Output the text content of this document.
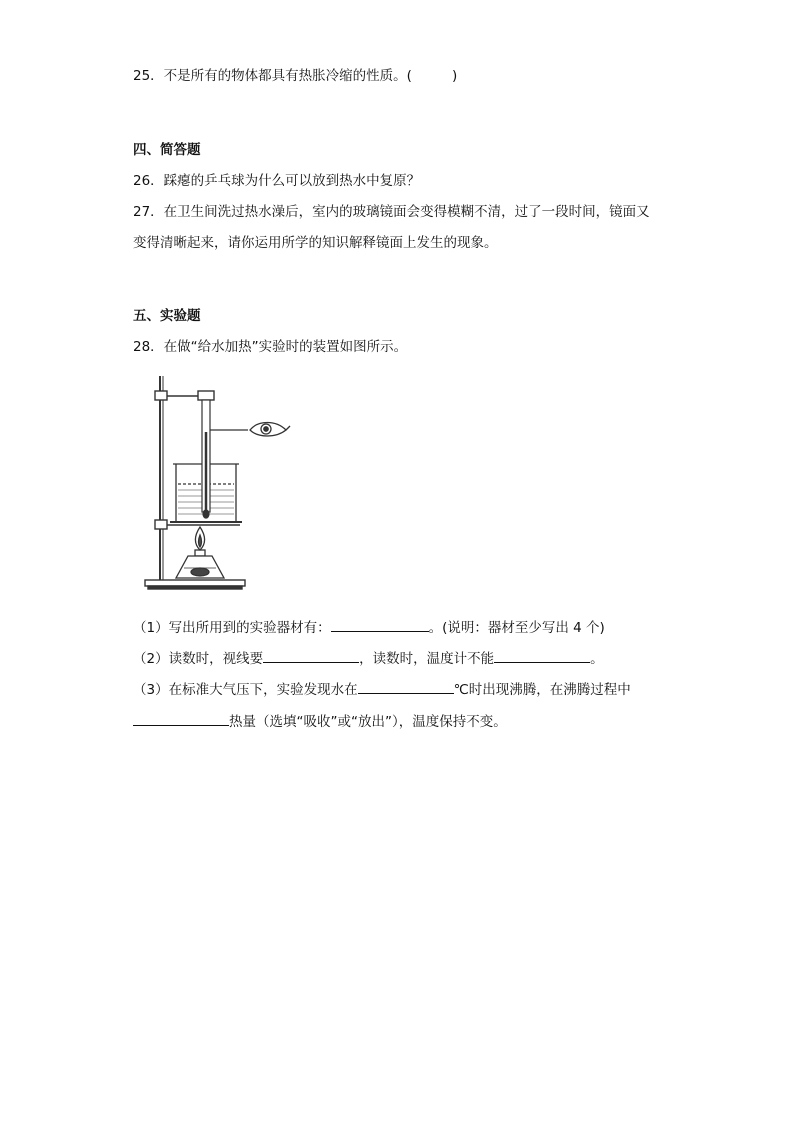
25．不是所有的物体都具有热胀冷缩的性质。(	)
四、简答题
26．踩瘪的乒乓球为什么可以放到热水中复原？
27．在卫生间洗过热水澡后，室内的玻璃镜面会变得模糊不清，过了一段时间，镜面又
变得清晰起来，请你运用所学的知识解释镜面上发生的现象。
五、实验题
28．在做“给水加热”实验时的装置如图所示。
（1）写出所用到的实验器材有：	。(说明：器材至少写出 4 个)
（2）读数时，视线要	，读数时，温度计不能	。
（3）在标准大气压下，实验发现水在	℃时出现沸腾，在沸腾过程中
热量（选填“吸收”或“放出”），温度保持不变。
